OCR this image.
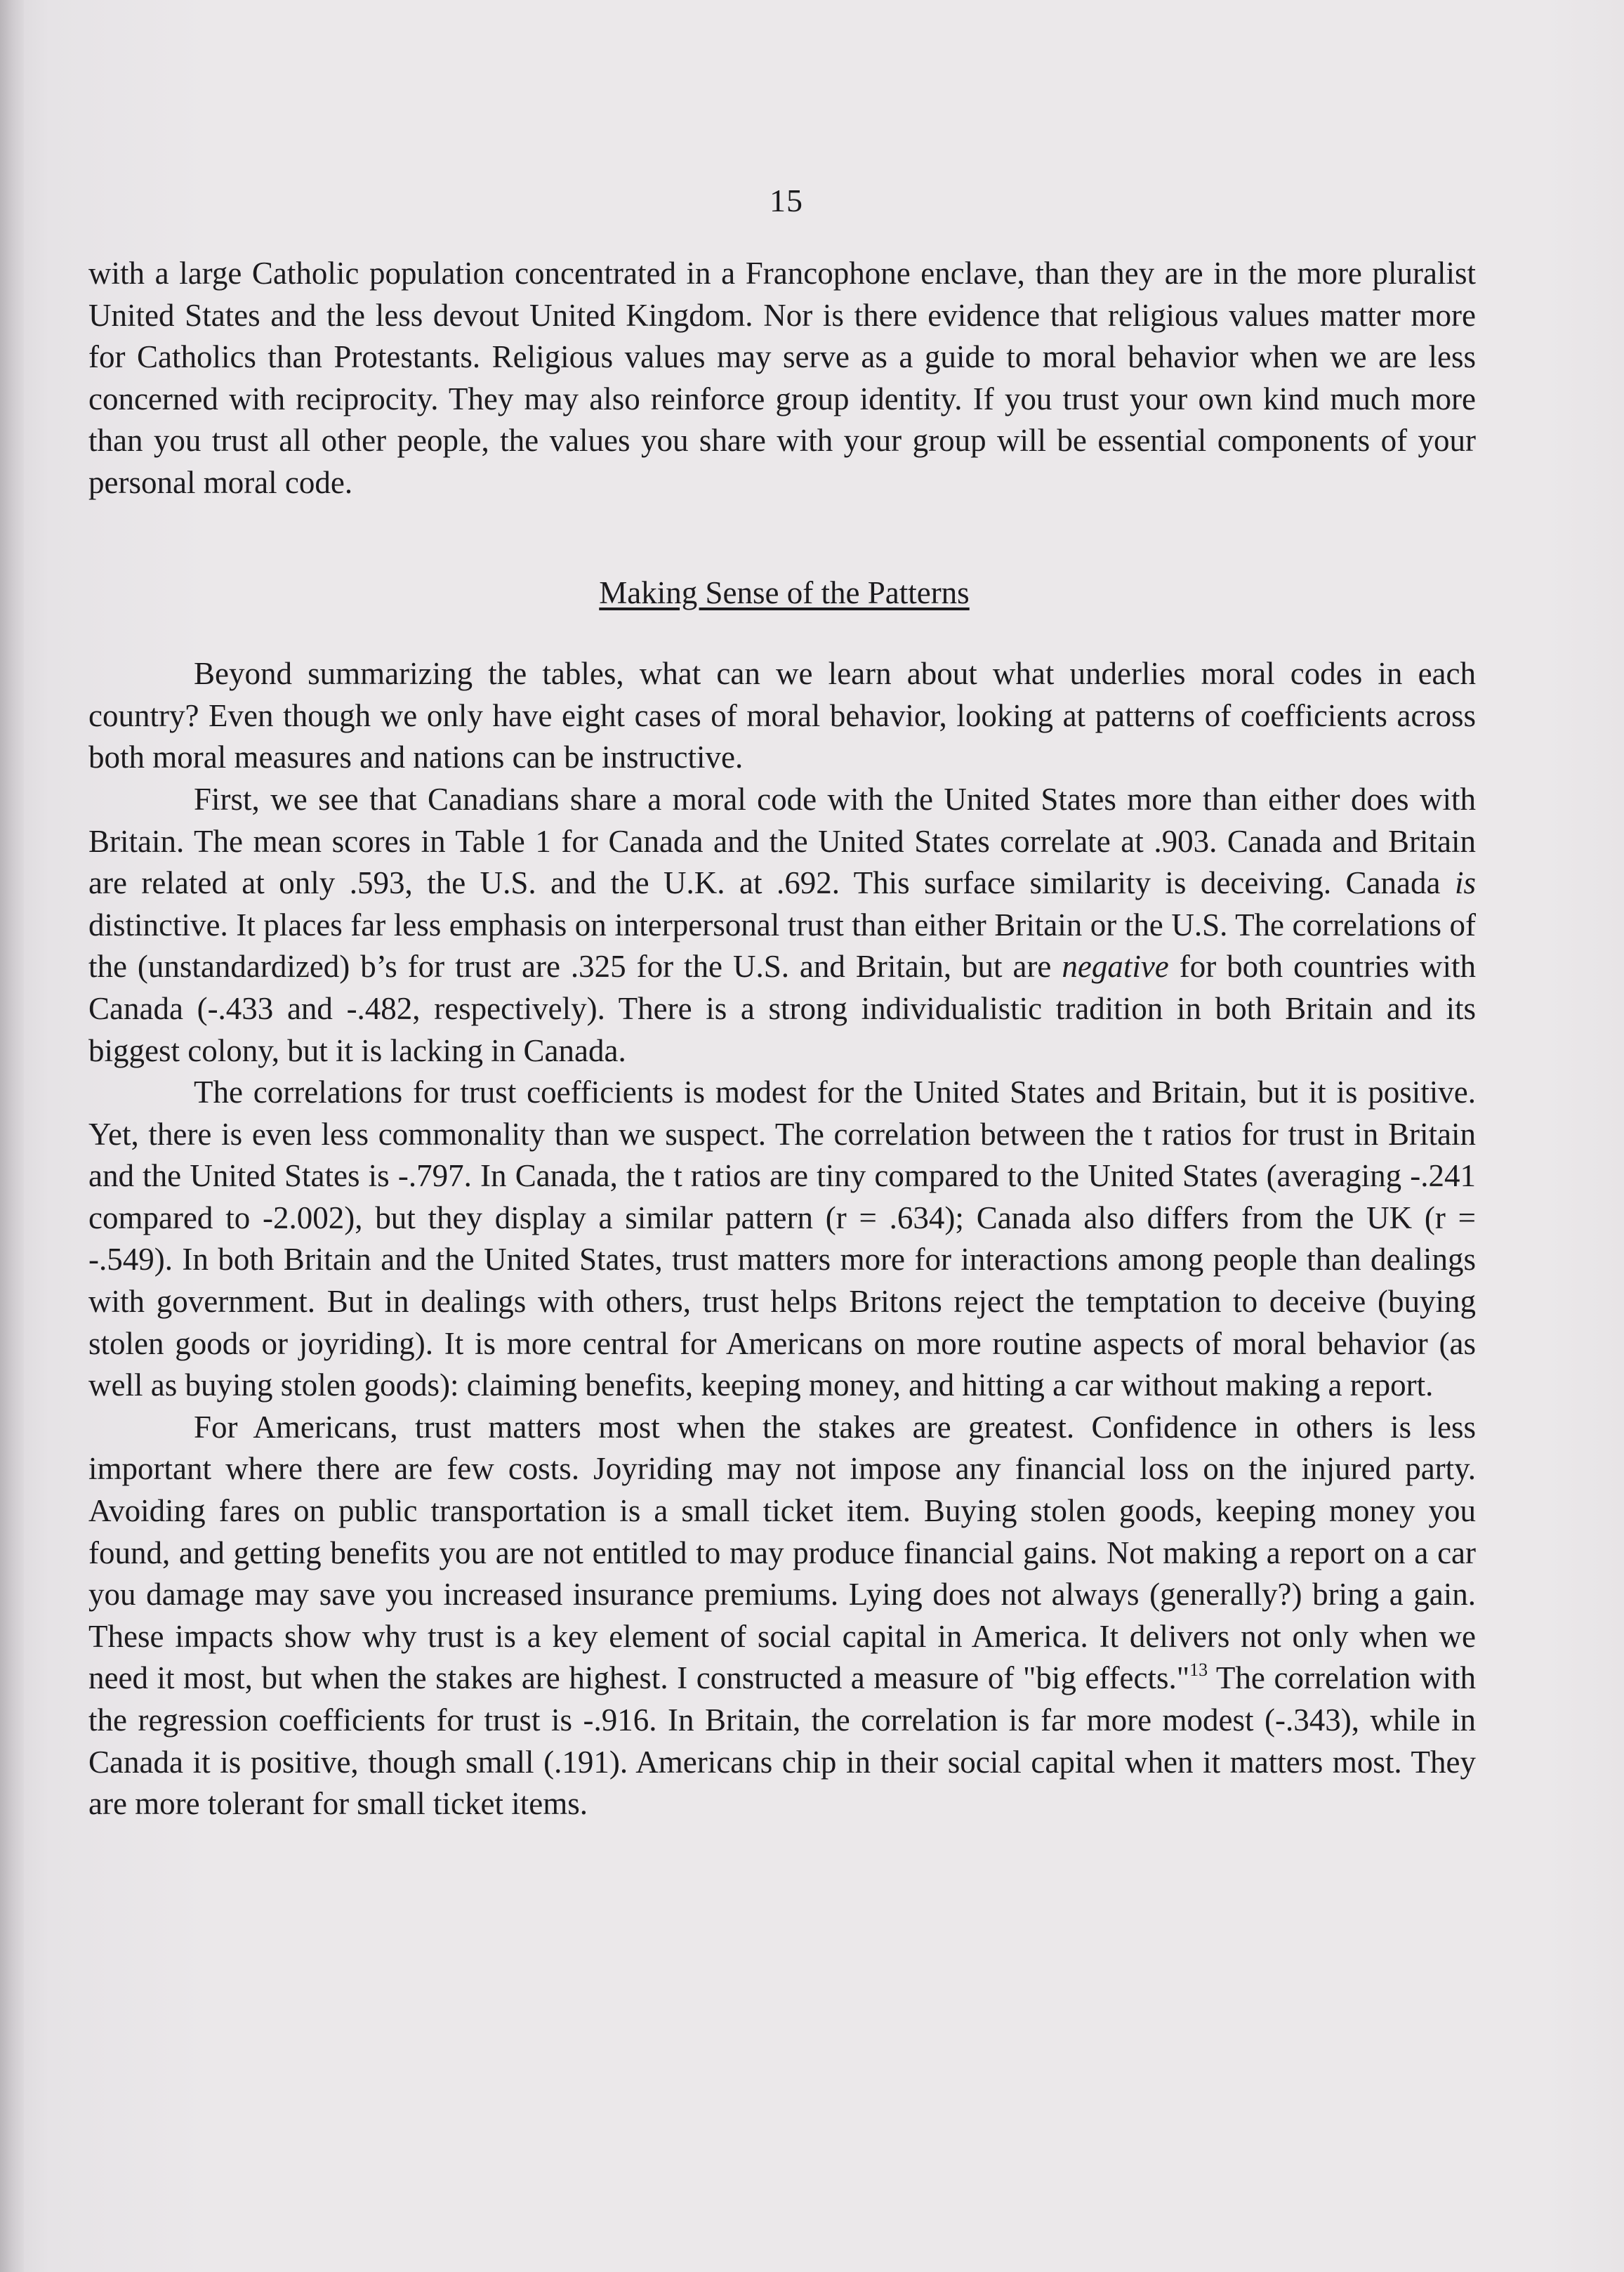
15

with a large Catholic population concentrated in a Francophone enclave, than they are in the more pluralist United States and the less devout United Kingdom. Nor is there evidence that religious values matter more for Catholics than Protestants. Religious values may serve as a guide to moral behavior when we are less concerned with reciprocity. They may also reinforce group identity. If you trust your own kind much more than you trust all other people, the values you share with your group will be essential components of your personal moral code.

Making Sense of the Patterns

Beyond summarizing the tables, what can we learn about what underlies moral codes in each country? Even though we only have eight cases of moral behavior, looking at patterns of coefficients across both moral measures and nations can be instructive.

First, we see that Canadians share a moral code with the United States more than either does with Britain. The mean scores in Table 1 for Canada and the United States correlate at .903. Canada and Britain are related at only .593, the U.S. and the U.K. at .692. This surface similarity is deceiving. Canada is distinctive. It places far less emphasis on interpersonal trust than either Britain or the U.S. The correlations of the (unstandardized) b’s for trust are .325 for the U.S. and Britain, but are negative for both countries with Canada (-.433 and -.482, respectively). There is a strong individualistic tradition in both Britain and its biggest colony, but it is lacking in Canada.

The correlations for trust coefficients is modest for the United States and Britain, but it is positive. Yet, there is even less commonality than we suspect. The correlation between the t ratios for trust in Britain and the United States is -.797. In Canada, the t ratios are tiny compared to the United States (averaging -.241 compared to -2.002), but they display a similar pattern (r = .634); Canada also differs from the UK (r = -.549). In both Britain and the United States, trust matters more for interactions among people than dealings with government. But in dealings with others, trust helps Britons reject the temptation to deceive (buying stolen goods or joyriding). It is more central for Americans on more routine aspects of moral behavior (as well as buying stolen goods): claiming benefits, keeping money, and hitting a car without making a report.

For Americans, trust matters most when the stakes are greatest. Confidence in others is less important where there are few costs. Joyriding may not impose any financial loss on the injured party. Avoiding fares on public transportation is a small ticket item. Buying stolen goods, keeping money you found, and getting benefits you are not entitled to may produce financial gains. Not making a report on a car you damage may save you increased insurance premiums. Lying does not always (generally?) bring a gain. These impacts show why trust is a key element of social capital in America. It delivers not only when we need it most, but when the stakes are highest. I constructed a measure of "big effects."$^{13}$ The correlation with the regression coefficients for trust is -.916. In Britain, the correlation is far more modest (-.343), while in Canada it is positive, though small (.191). Americans chip in their social capital when it matters most. They are more tolerant for small ticket items.
